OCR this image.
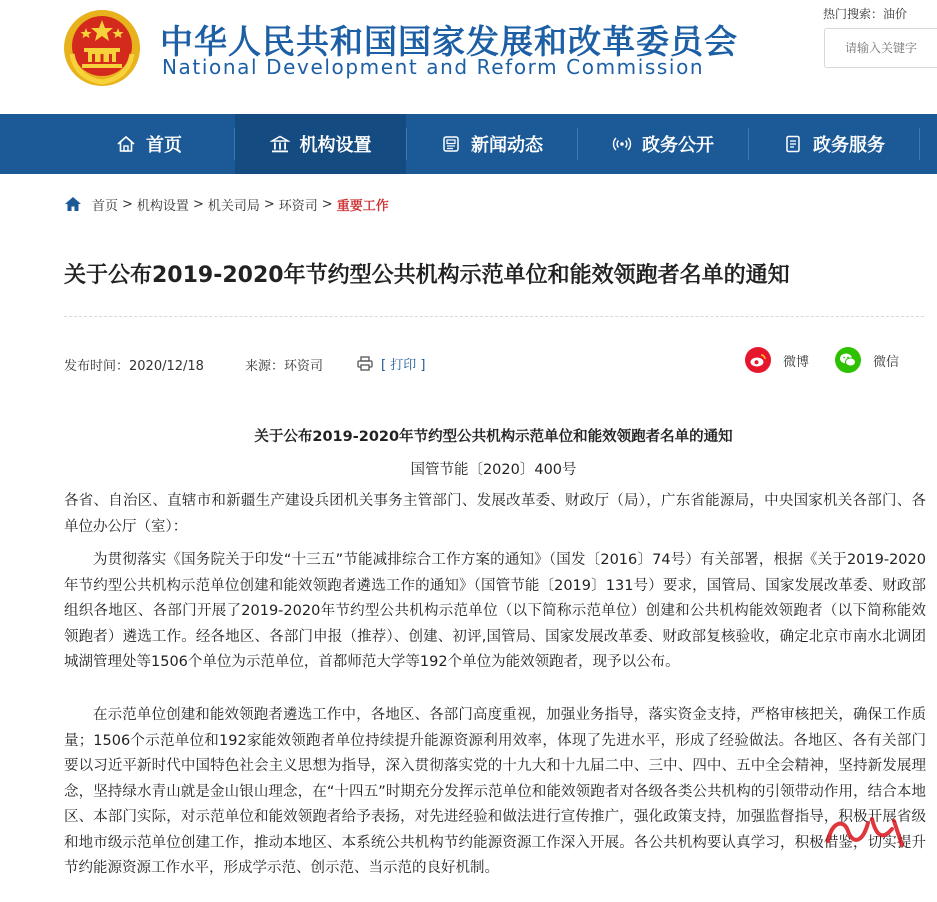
中华人民共和国国家发展和改革委员会
National Development and Reform Commission
热门搜索：油价
请输入关键字
首页	机构设置	新闻动态	政务公开	政务服务
首页 > 机构设置 > 机关司局 > 环资司 > 重要工作
关于公布2019-2020年节约型公共机构示范单位和能效领跑者名单的通知
发布时间：2020/12/18	来源：环资司	[ 打印 ]	微博	微信
关于公布2019-2020年节约型公共机构示范单位和能效领跑者名单的通知
国管节能〔2020〕400号
各省、自治区、直辖市和新疆生产建设兵团机关事务主管部门、发展改革委、财政厅（局），广东省能源局，中央国家机关各部门、各单位办公厅（室）：
为贯彻落实《国务院关于印发“十三五”节能减排综合工作方案的通知》（国发〔2016〕74号）有关部署，根据《关于2019-2020年节约型公共机构示范单位创建和能效领跑者遴选工作的通知》（国管节能〔2019〕131号）要求，国管局、国家发展改革委、财政部组织各地区、各部门开展了2019-2020年节约型公共机构示范单位（以下简称示范单位）创建和公共机构能效领跑者（以下简称能效领跑者）遴选工作。经各地区、各部门申报（推荐）、创建、初评,国管局、国家发展改革委、财政部复核验收，确定北京市南水北调团城湖管理处等1506个单位为示范单位，首都师范大学等192个单位为能效领跑者，现予以公布。
在示范单位创建和能效领跑者遴选工作中，各地区、各部门高度重视，加强业务指导，落实资金支持，严格审核把关，确保工作质量；1506个示范单位和192家能效领跑者单位持续提升能源资源利用效率，体现了先进水平，形成了经验做法。各地区、各有关部门要以习近平新时代中国特色社会主义思想为指导，深入贯彻落实党的十九大和十九届二中、三中、四中、五中全会精神，坚持新发展理念，坚持绿水青山就是金山银山理念，在“十四五”时期充分发挥示范单位和能效领跑者对各级各类公共机构的引领带动作用，结合本地区、本部门实际，对示范单位和能效领跑者给予表扬，对先进经验和做法进行宣传推广，强化政策支持，加强监督指导，积极开展省级和地市级示范单位创建工作，推动本地区、本系统公共机构节约能源资源工作深入开展。各公共机构要认真学习，积极借鉴，切实提升节约能源资源工作水平，形成学示范、创示范、当示范的良好机制。
